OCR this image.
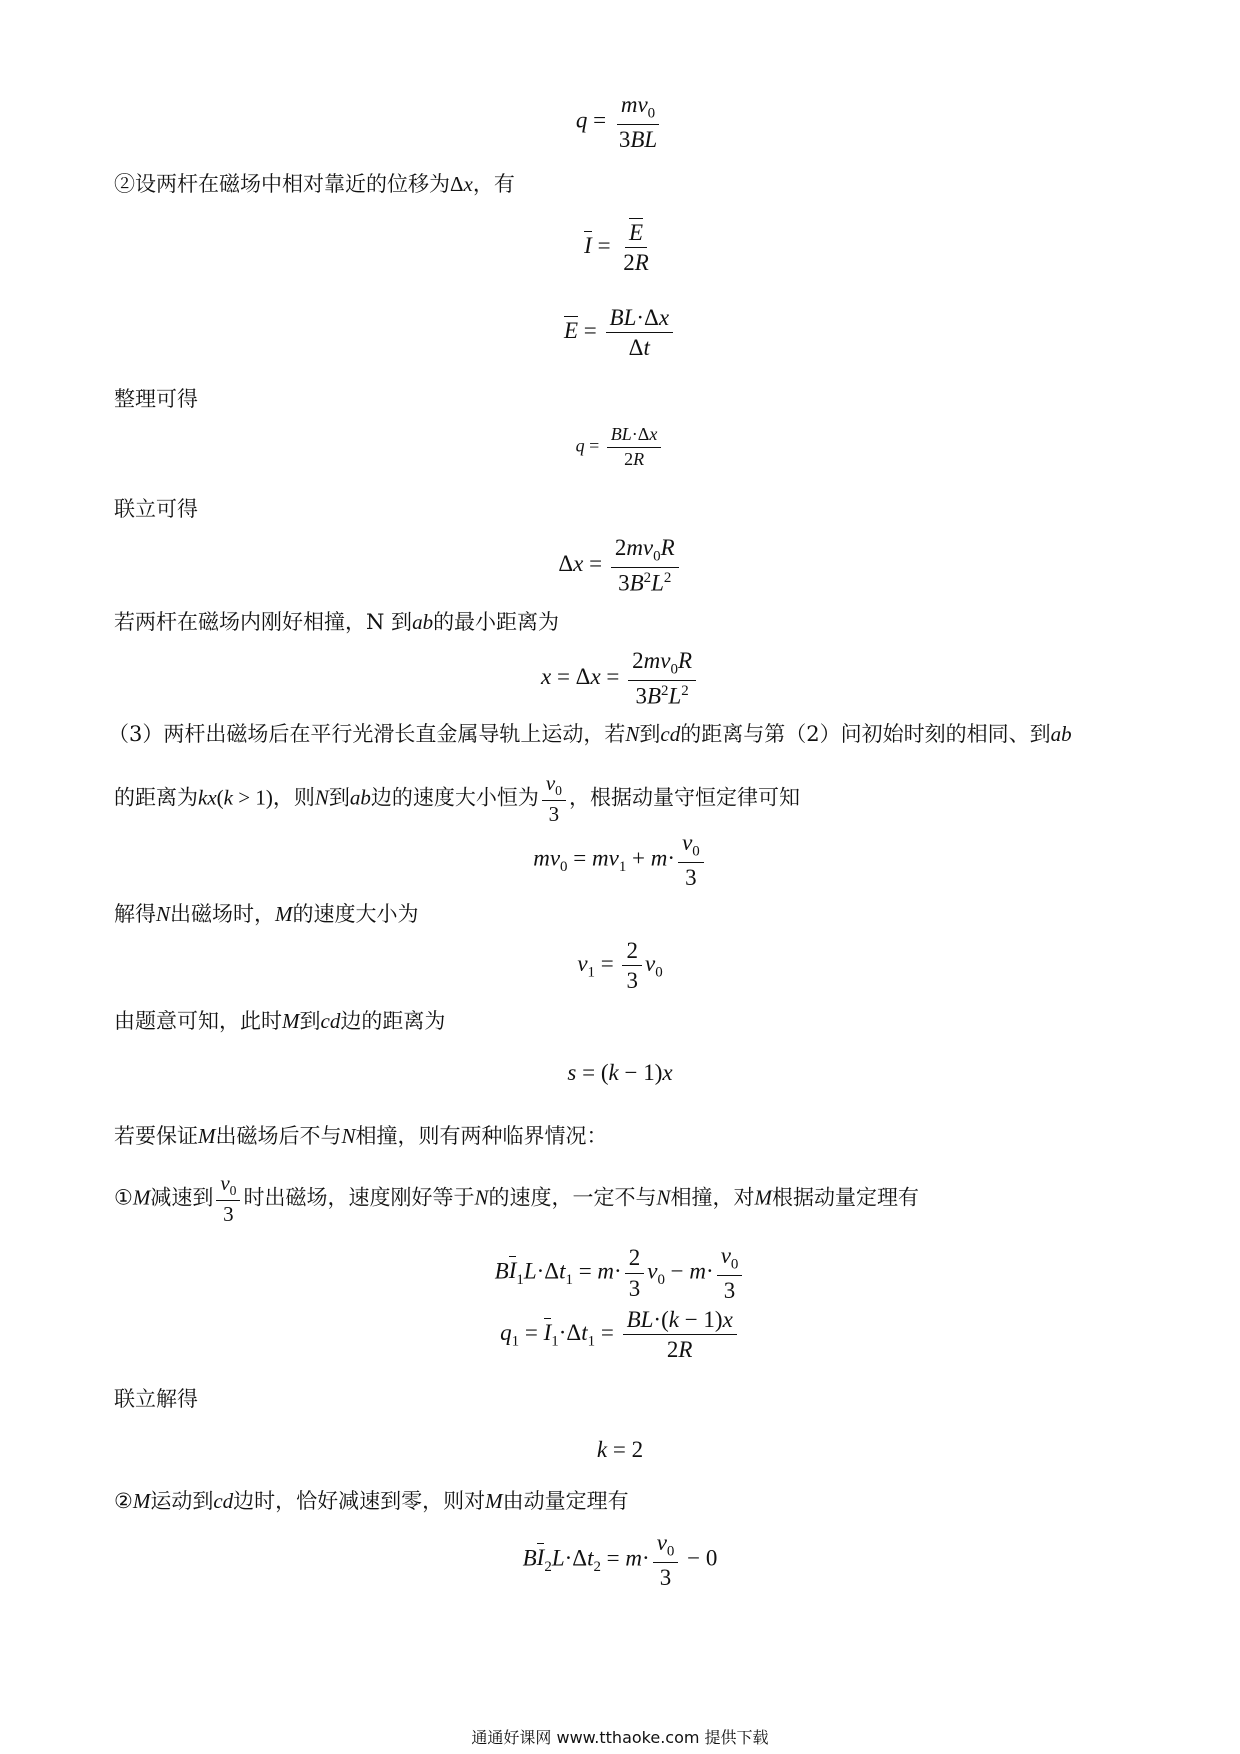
$q = \frac{mv_0}{3BL}$
②设两杆在磁场中相对靠近的位移为Δx，有
$I = \frac{E}{2R}$
$E = \frac{BL\cdot\Delta x}{\Delta t}$
整理可得
$q = \frac{BL\cdot\Delta x}{2R}$
联立可得
$\Delta x = \frac{2mv_0R}{3B^2L^2}$
若两杆在磁场内刚好相撞，N 到ab的最小距离为
$x = \Delta x = \frac{2mv_0R}{3B^2L^2}$
（3）两杆出磁场后在平行光滑长直金属导轨上运动，若N到cd的距离与第（2）问初始时刻的相同、到ab
的距离为kx(k > 1)，则N到ab边的速度大小恒为 $\frac{v_0}{3}$ ，根据动量守恒定律可知
$mv_0 = mv_1 + m\cdot \frac{v_0}{3}$
解得N出磁场时，M的速度大小为
$v_1 = \frac{2}{3} v_0$
由题意可知，此时M到cd边的距离为
s = (k − 1)x
若要保证M出磁场后不与N相撞，则有两种临界情况：
①M减速到 $\frac{v_0}{3}$ 时出磁场，速度刚好等于N的速度，一定不与N相撞，对M根据动量定理有
$BI_1L\cdot\Delta t_1 = m\cdot \frac{2}{3} v_0 - m\cdot \frac{v_0}{3}$
$q_1 = I_1\cdot\Delta t_1 = \frac{BL\cdot(k - 1)x}{2R}$
联立解得
k = 2
②M运动到cd边时，恰好减速到零，则对M由动量定理有
$BI_2L\cdot\Delta t_2 = m\cdot \frac{v_0}{3} - 0$
通通好课网 www.tthaoke.com 提供下载
